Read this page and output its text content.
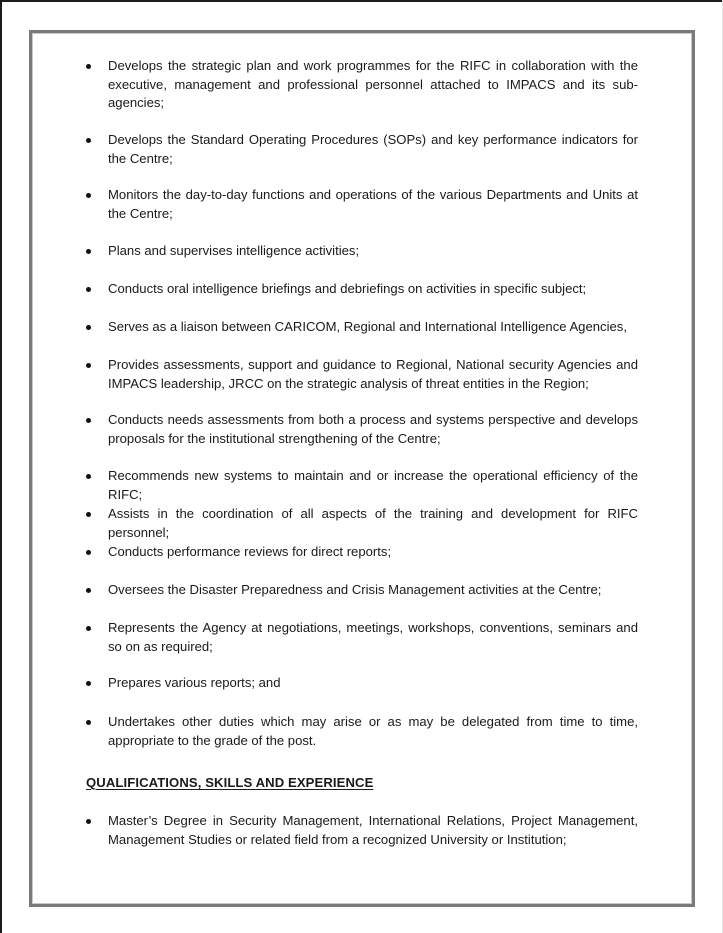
Develops the strategic plan and work programmes for the RIFC in collaboration with the executive, management and professional personnel attached to IMPACS and its sub-agencies;
Develops the Standard Operating Procedures (SOPs) and key performance indicators for the Centre;
Monitors the day-to-day functions and operations of the various Departments and Units at the Centre;
Plans and supervises intelligence activities;
Conducts oral intelligence briefings and debriefings on activities in specific subject;
Serves as a liaison between CARICOM, Regional and International Intelligence Agencies,
Provides assessments, support and guidance to Regional, National security Agencies and IMPACS leadership, JRCC on the strategic analysis of threat entities in the Region;
Conducts needs assessments from both a process and systems perspective and develops proposals for the institutional strengthening of the Centre;
Recommends new systems to maintain and or increase the operational efficiency of the RIFC;
Assists in the coordination of all aspects of the training and development for RIFC personnel;
Conducts performance reviews for direct reports;
Oversees the Disaster Preparedness and Crisis Management activities at the Centre;
Represents the Agency at negotiations, meetings, workshops, conventions, seminars and so on as required;
Prepares various reports; and
Undertakes other duties which may arise or as may be delegated from time to time, appropriate to the grade of the post.
QUALIFICATIONS, SKILLS AND EXPERIENCE
Master’s Degree in Security Management, International Relations, Project Management, Management Studies or related field from a recognized University or Institution;
